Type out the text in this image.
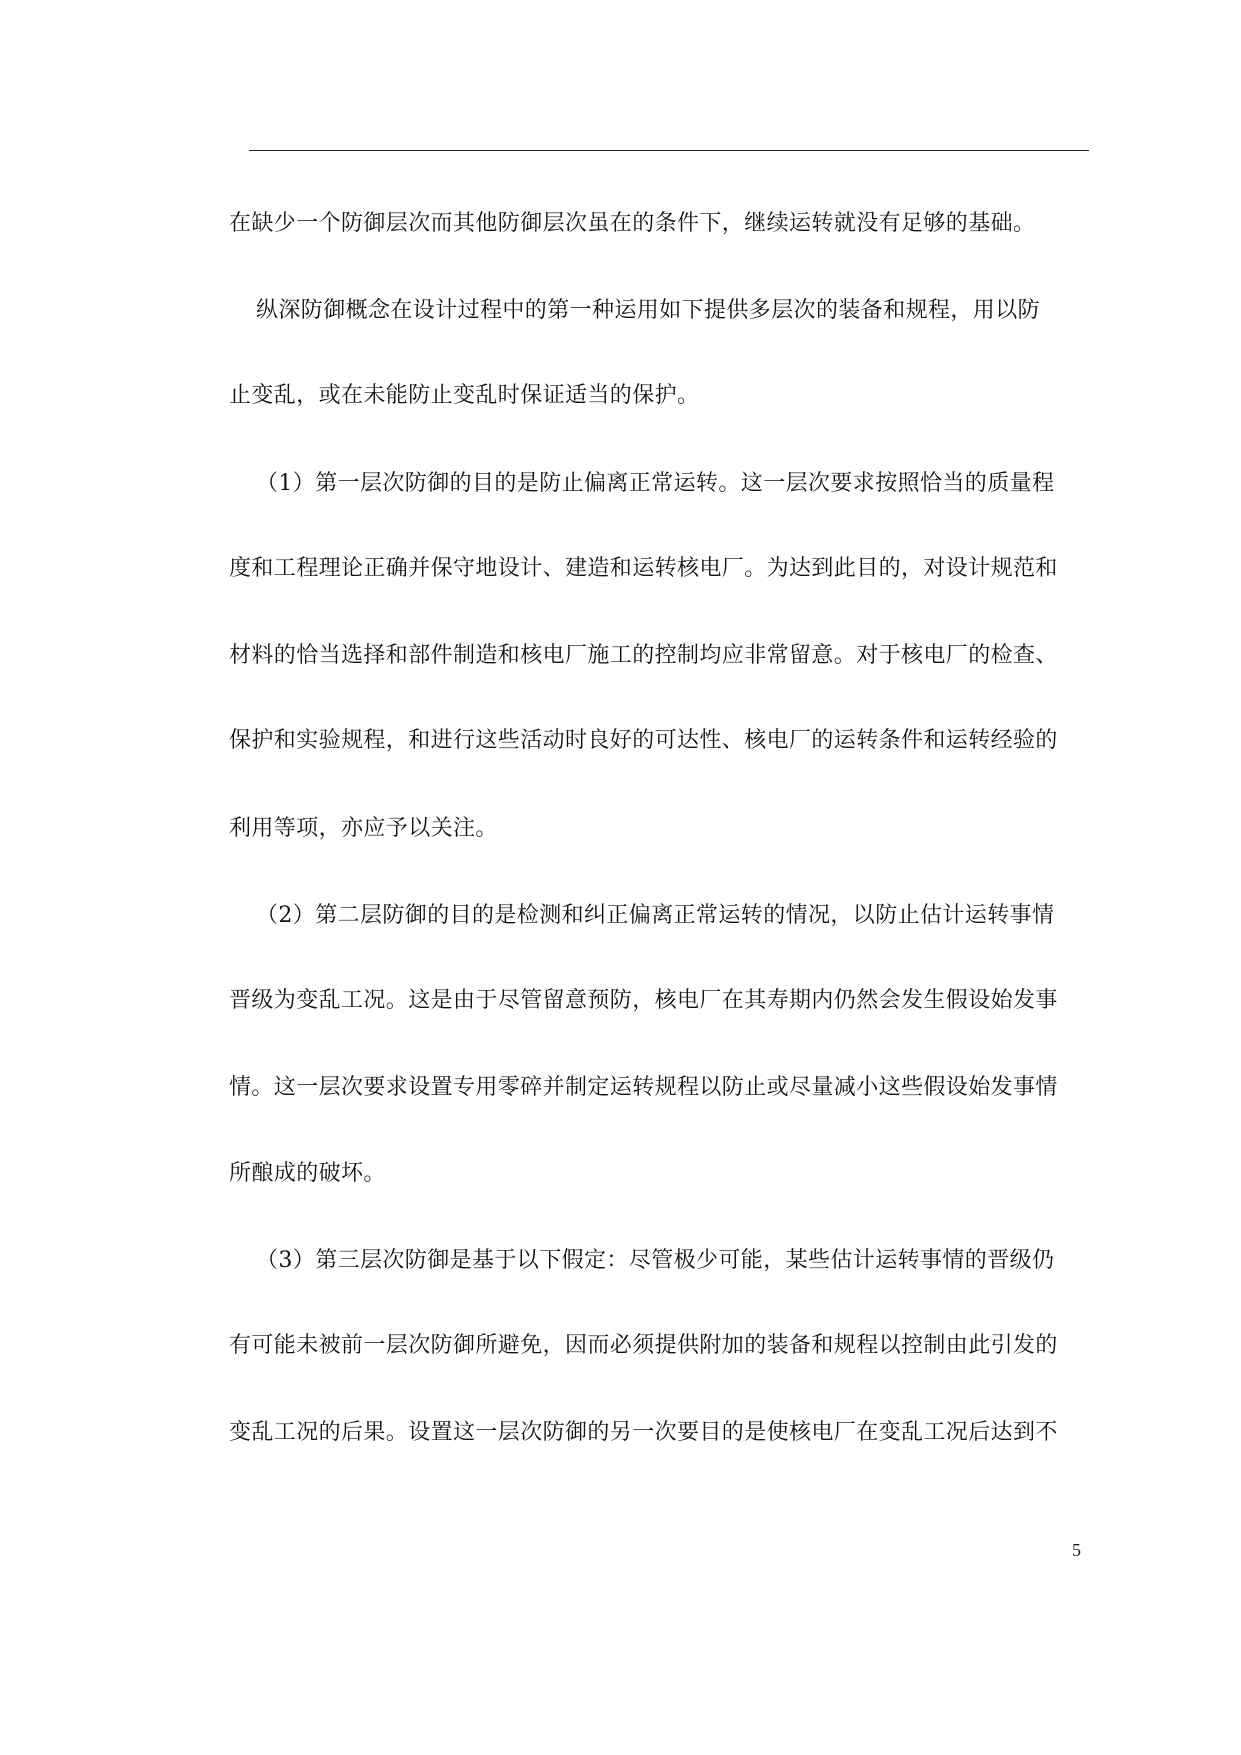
在缺少一个防御层次而其他防御层次虽在的条件下，继续运转就没有足够的基础。
纵深防御概念在设计过程中的第一种运用如下提供多层次的装备和规程，用以防
止变乱，或在未能防止变乱时保证适当的保护。
（1）第一层次防御的目的是防止偏离正常运转。这一层次要求按照恰当的质量程
度和工程理论正确并保守地设计、建造和运转核电厂。为达到此目的，对设计规范和
材料的恰当选择和部件制造和核电厂施工的控制均应非常留意。对于核电厂的检查、
保护和实验规程，和进行这些活动时良好的可达性、核电厂的运转条件和运转经验的
利用等项，亦应予以关注。
（2）第二层防御的目的是检测和纠正偏离正常运转的情况，以防止估计运转事情
晋级为变乱工况。这是由于尽管留意预防，核电厂在其寿期内仍然会发生假设始发事
情。这一层次要求设置专用零碎并制定运转规程以防止或尽量减小这些假设始发事情
所酿成的破坏。
（3）第三层次防御是基于以下假定：尽管极少可能，某些估计运转事情的晋级仍
有可能未被前一层次防御所避免，因而必须提供附加的装备和规程以控制由此引发的
变乱工况的后果。设置这一层次防御的另一次要目的是使核电厂在变乱工况后达到不
5
